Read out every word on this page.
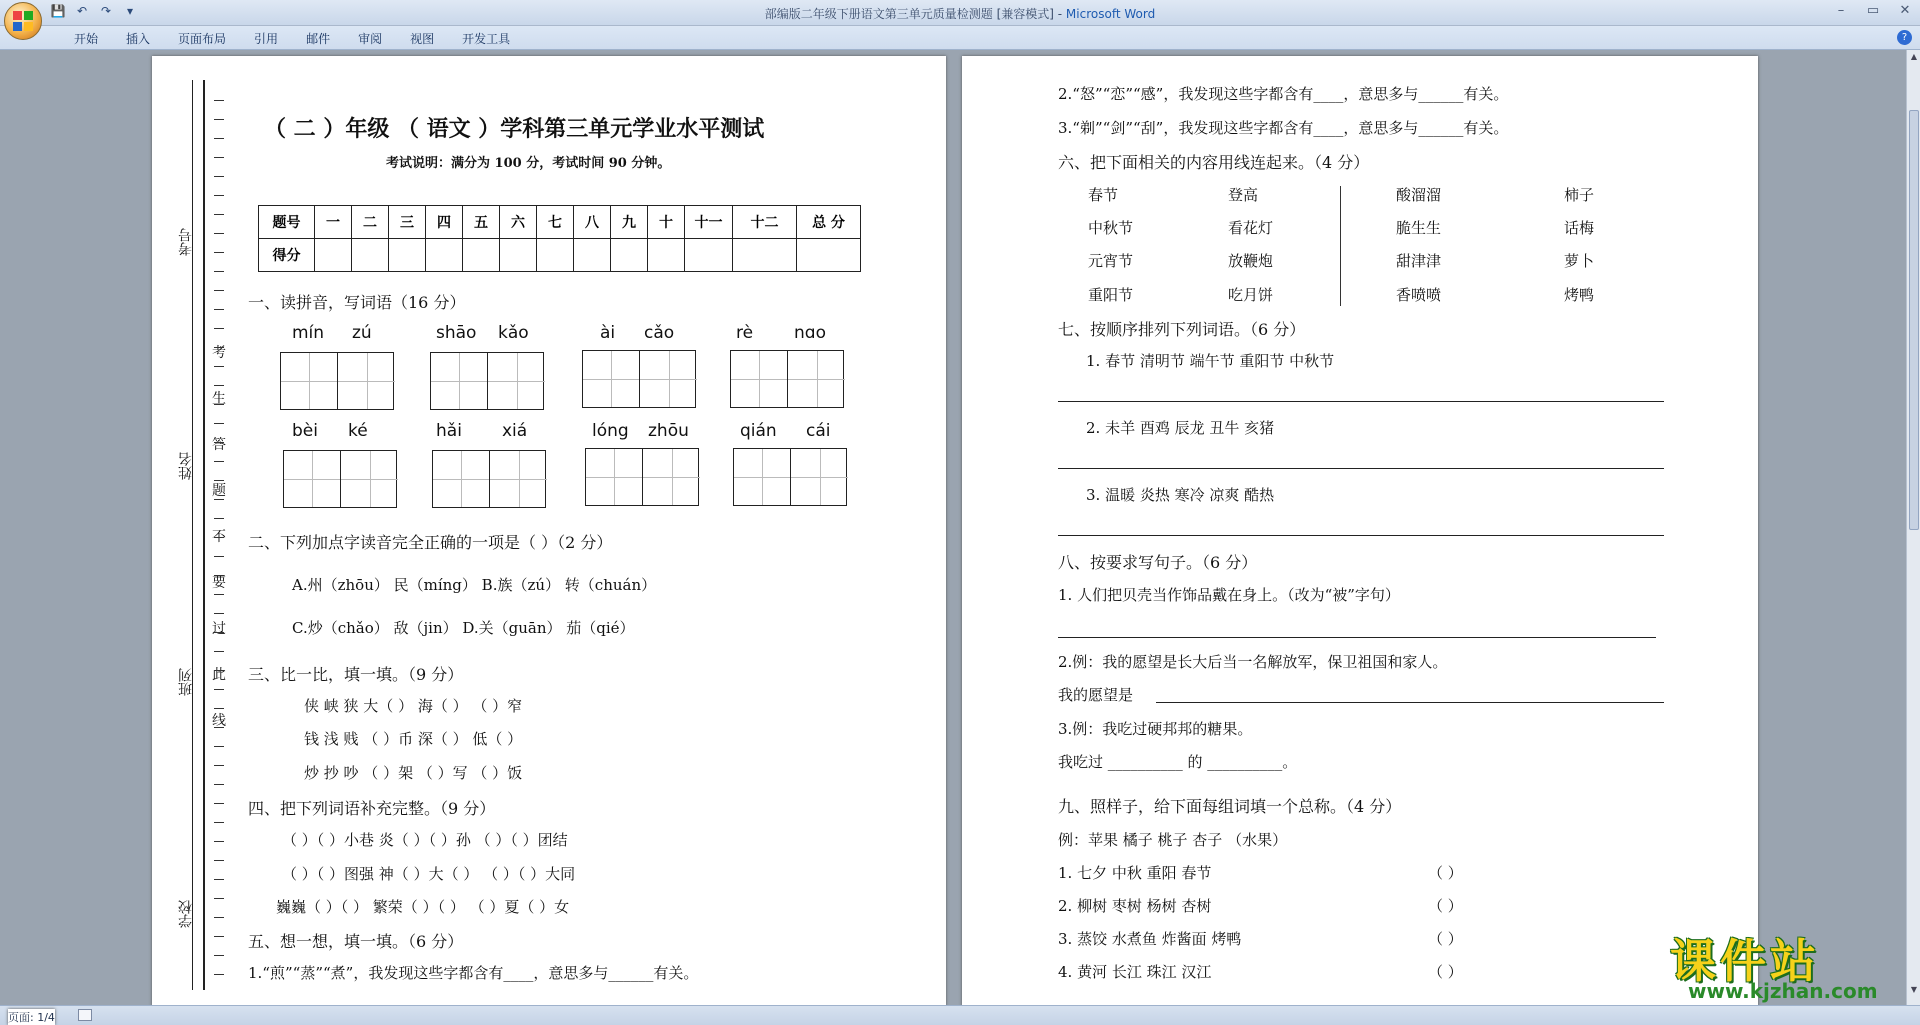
💾 ↶ ↷	▾	部编版二年级下册语文第三单元质量检测题 [兼容模式] - Microsoft Word	–	▭ ✕
开始	插入	页面布局	引用	邮件	审阅	视图	开发工具	?
▲
▼
考号
姓名
班列
学校
考
生
答
题
不
要
过
此
线
（ 二 ）年级 （ 语文 ）学科第三单元学业水平测试
考试说明：满分为 100 分，考试时间 90 分钟。
题号	一	二	三	四	五	六	七	八	九	十	十一	十二	总 分
得分													
一、读拼音，写词语（16 分）
mín zú	shāo kǎo	ài cǎo	rè nɑo
bèi ké	hǎi xiá	lóng zhōu	qián cái
二、下列加点字读音完全正确的一项是（ ）（2 分）
A.州（zhōu） 民（míng） B.族（zú） 转（chuán）
C.炒（chǎo） 敌（jin） D.关（guān） 茄（qié）
三、比一比，填一填。（9 分）
侠 峡 狭 大（ ） 海（ ） （ ）窄
钱 浅 贱 （ ）币 深（ ） 低（ ）
炒 抄 吵 （ ）架 （ ）写 （ ）饭
四、把下列词语补充完整。（9 分）
（ ）（ ）小巷 炎（ ）（ ）孙 （ ）（ ）团结
（ ）（ ）图强 神（ ）大（ ） （ ）（ ）大同
巍巍（ ）（ ） 繁荣（ ）（ ） （ ）夏（ ）女
五、想一想，填一填。（6 分）
1.“煎”“蒸”“煮”，我发现这些字都含有____，意思多与______有关。
2.“怒”“恋”“感”，我发现这些字都含有____，意思多与______有关。
3.“剃”“剑”“刮”，我发现这些字都含有____，意思多与______有关。
六、把下面相关的内容用线连起来。（4 分）
春节	登高
中秋节	看花灯
元宵节	放鞭炮
重阳节	吃月饼
酸溜溜	柿子
脆生生	话梅
甜津津	萝卜
香喷喷	烤鸭
七、按顺序排列下列词语。（6 分）
1. 春节 清明节 端午节 重阳节 中秋节
2. 未羊 酉鸡 辰龙 丑牛 亥猪
3. 温暖 炎热 寒冷 凉爽 酷热
八、按要求写句子。（6 分）
1. 人们把贝壳当作饰品戴在身上。（改为“被”字句）
2.例：我的愿望是长大后当一名解放军，保卫祖国和家人。
我的愿望是
3.例：我吃过硬邦邦的糖果。
我吃过 __________ 的 __________。
九、照样子，给下面每组词填一个总称。（4 分）
例：苹果 橘子 桃子 杏子 （水果）
1. 七夕 中秋 重阳 春节	（ ）
2. 柳树 枣树 杨树 杏树	（ ）
3. 蒸饺 水煮鱼 炸酱面 烤鸭	（ ）
4. 黄河 长江 珠江 汉江	（ ）	课件站
www.kjzhan.com
页面: 1/4
